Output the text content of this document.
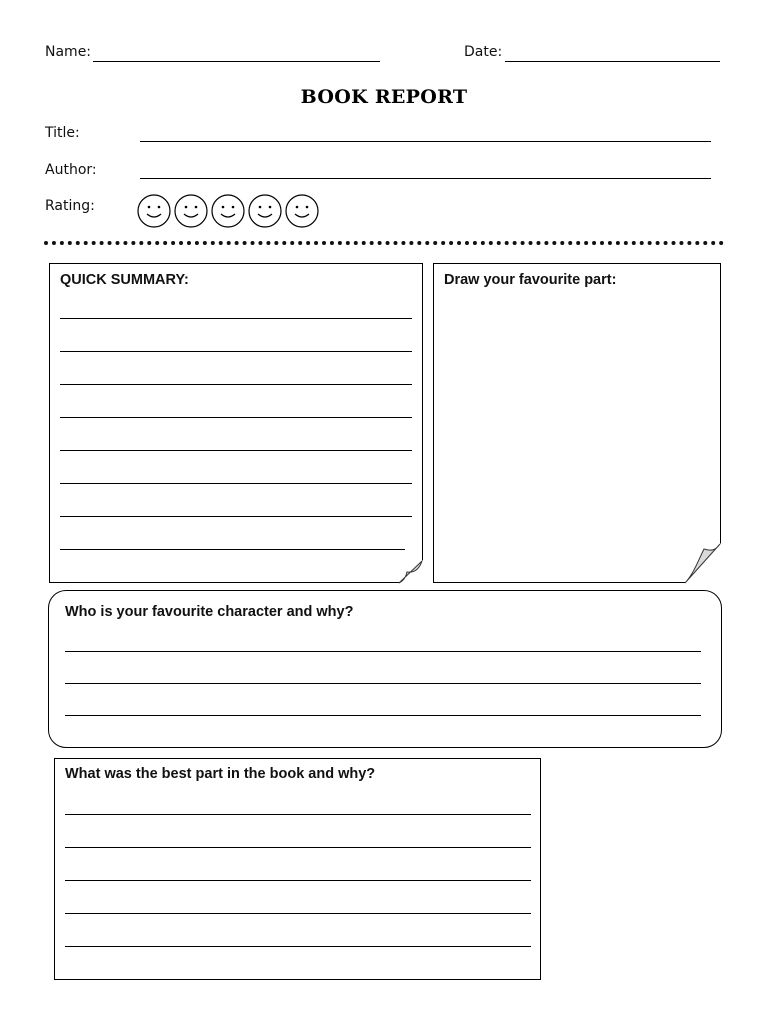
Name:	Date:
BOOK REPORT
Title:
Author:
Rating:
QUICK SUMMARY:	Draw your favourite part:
Who is your favourite character and why?
What was the best part in the book and why?
